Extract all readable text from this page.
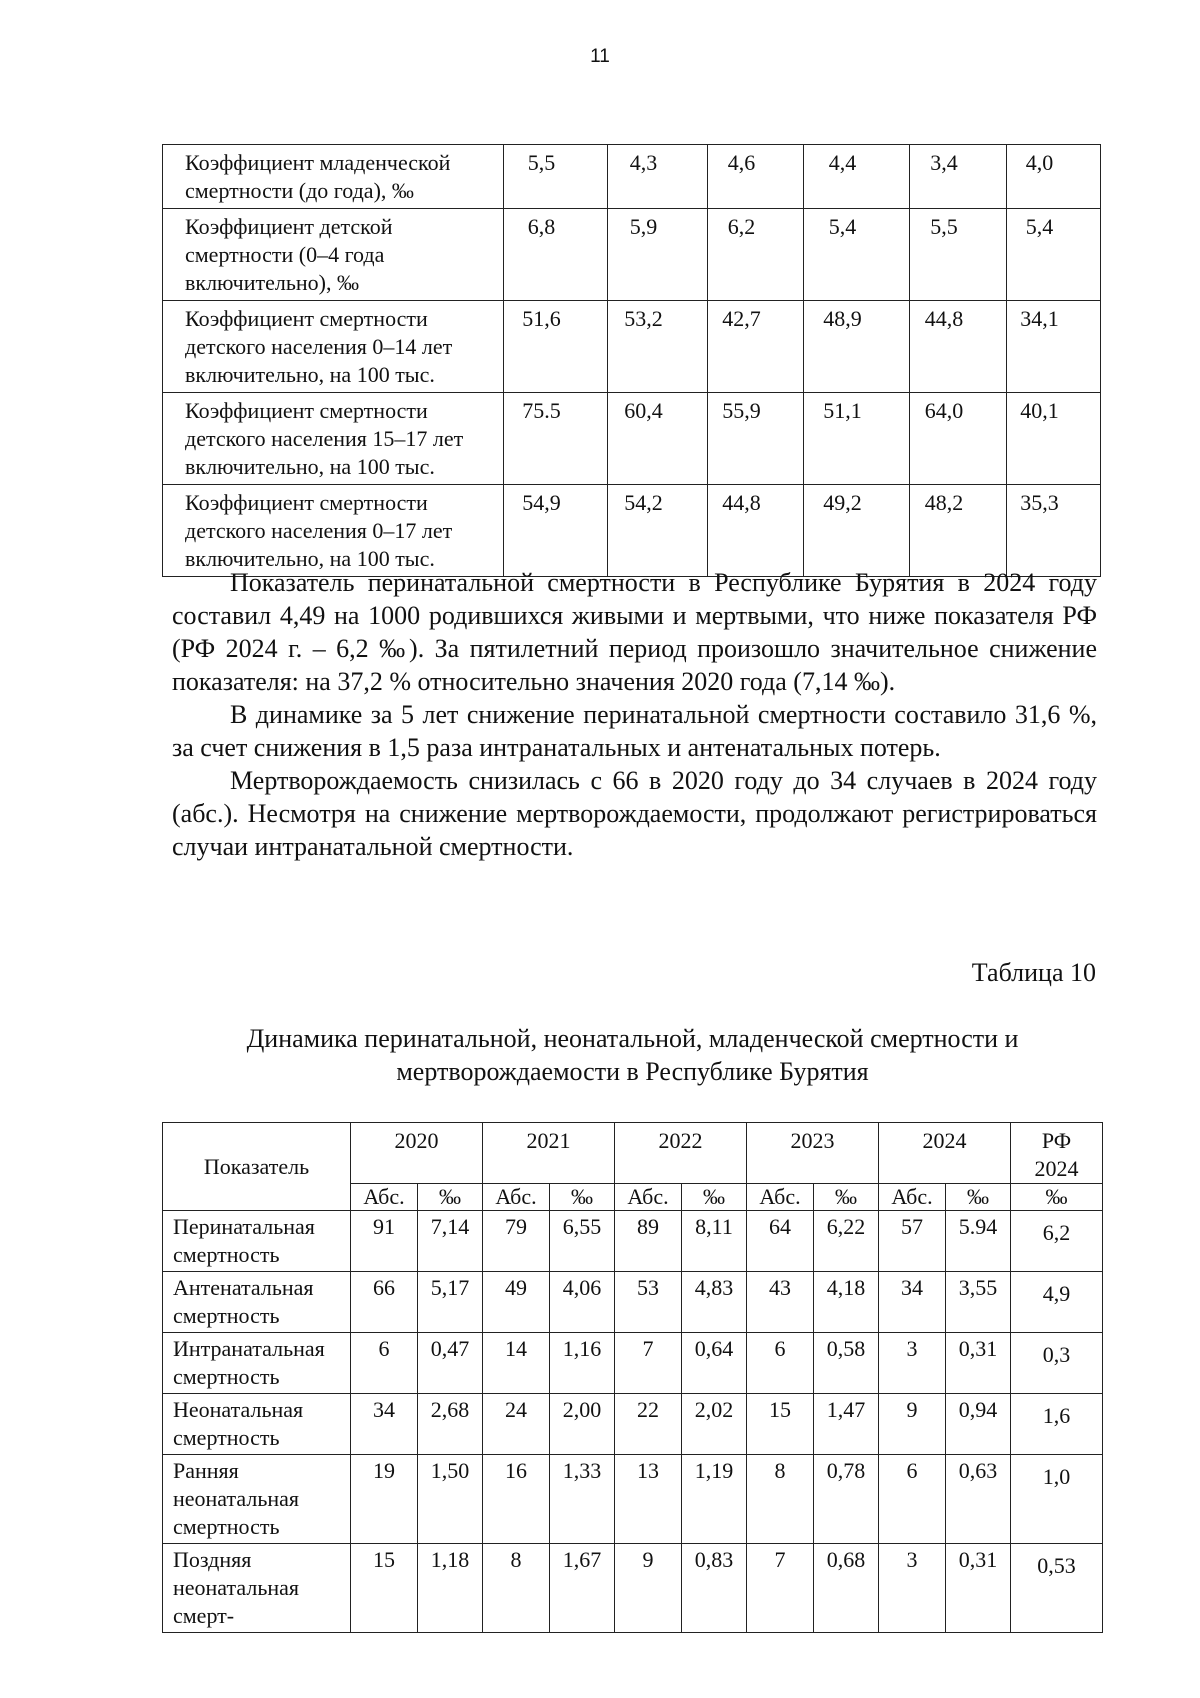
11
Коэффициент младенческой смертности (до года), ‰	5,5	4,3	4,6	4,4	3,4	4,0
Коэффициент детской смертности (0–4 года включительно), ‰	6,8	5,9	6,2	5,4	5,5	5,4
Коэффициент смертности детского населения 0–14 лет включительно, на 100 тыс.	51,6	53,2	42,7	48,9	44,8	34,1
Коэффициент смертности детского населения 15–17 лет включительно, на 100 тыс.	75.5	60,4	55,9	51,1	64,0	40,1
Коэффициент смертности детского населения 0–17 лет включительно, на 100 тыс.	54,9	54,2	44,8	49,2	48,2	35,3

Показатель перинатальной смертности в Республике Бурятия в 2024 году составил 4,49 на 1000 родившихся живыми и мертвыми, что ниже показателя РФ (РФ 2024 г. – 6,2 ‰). За пятилетний период произошло значительное снижение показателя: на 37,2 % относительно значения 2020 года (7,14 ‰).

В динамике за 5 лет снижение перинатальной смертности составило 31,6 %, за счет снижения в 1,5 раза интранатальных и антенатальных потерь.

Мертворождаемость снизилась с 66 в 2020 году до 34 случаев в 2024 году (абс.). Несмотря на снижение мертворождаемости, продолжают регистрироваться случаи интранатальной смертности.

Таблица 10
Динамика перинатальной, неонатальной, младенческой смертности и
мертворождаемости в Республике Бурятия
Показатель	2020		2021		2022		2023		2024		РФ
2024

	Абс.	‰	Абс.	‰	Абс.	‰	Абс.	‰	Абс.	‰	‰
Перинатальная смертность	91	7,14	79	6,55	89	8,11	64	6,22	57	5.94	6,2
Антенатальная смертность	66	5,17	49	4,06	53	4,83	43	4,18	34	3,55	4,9
Интранатальная смертность	6	0,47	14	1,16	7	0,64	6	0,58	3	0,31	0,3
Неонатальная смертность	34	2,68	24	2,00	22	2,02	15	1,47	9	0,94	1,6
Ранняя неонатальная смертность	19	1,50	16	1,33	13	1,19	8	0,78	6	0,63	1,0
Поздняя неонатальная смерт-	15	1,18	8	1,67	9	0,83	7	0,68	3	0,31	0,53
